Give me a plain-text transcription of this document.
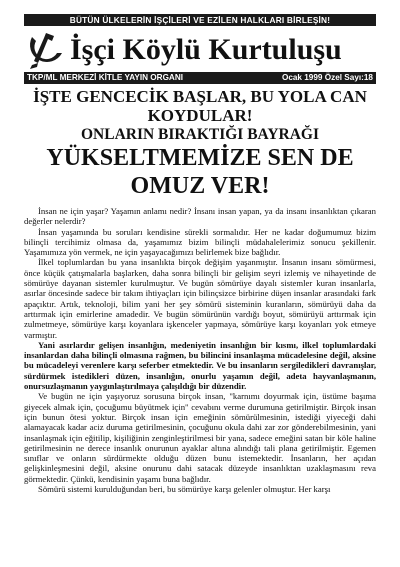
BÜTÜN ÜLKELERİN İŞÇİLERİ VE EZİLEN HALKLARI BİRLEŞİN!
İşçi Köylü Kurtuluşu
TKP/ML MERKEZİ KİTLE YAYIN ORGANI	Ocak 1999 Özel Sayı:18
İŞTE GENCECİK BAŞLAR, BU YOLA CAN
KOYDULAR!
ONLARIN BIRAKTIĞI BAYRAĞI
YÜKSELTMEMİZE SEN DE
OMUZ VER!

İnsan ne için yaşar? Yaşamın anlamı nedir? İnsanı insan yapan, ya da insanı insanlıktan çıkaran değerler nelerdir?

İnsan yaşamında bu soruları kendisine sürekli sormalıdır. Her ne kadar doğumumuz bizim bilinçli tercihimiz olmasa da, yaşamımız bizim bilinçli müdahalelerimiz sonucu şekillenir. Yaşamımıza yön vermek, ne için yaşayacağımızı belirlemek bize bağlıdır.

İlkel toplumlardan bu yana insanlıkta birçok değişim yaşanmıştır. İnsanın insanı sömürmesi, önce küçük çatışmalarla başlarken, daha sonra bilinçli bir gelişim seyri izlemiş ve nihayetinde de sömürüye dayanan sistemler kurulmuştur. Ve bugün sömürüye dayalı sistemler kuran insanlarla, asırlar öncesinde sadece bir takım ihtiyaçları için bilinçsizce birbirine düşen insanlar arasındaki fark apaçıktır. Artık, teknoloji, bilim yani her şey sömürü sisteminin kuranların, sömürüyü daha da arttırmak için emirlerine amadedir. Ve bugün sömürünün vardığı boyut, sömürüyü arttırmak için zulmetmeye, sömürüye karşı koyanlara işkenceler yapmaya, sömürüye karşı koyanları yok etmeye varmıştır.

Yani asırlardır gelişen insanlığın, medeniyetin insanlığın bir kısmı, ilkel toplumlardaki insanlardan daha bilinçli olmasına rağmen, bu bilincini insanlaşma mücadelesine değil, aksine bu mücadeleyi verenlere karşı seferber etmektedir. Ve bu insanların sergiledikleri davranışlar, sürdürmek istedikleri düzen, insanlığın, onurlu yaşamın değil, adeta hayvanlaşmanın, onursuzlaşmanın yaygınlaştırılmaya çalışıldığı bir düzendir.

Ve bugün ne için yaşıyoruz sorusuna birçok insan, "karnımı doyurmak için, üstüme başıma giyecek almak için, çocuğumu büyütmek için" cevabını verme durumuna getirilmiştir. Birçok insan için bunun ötesi yoktur. Birçok insan için emeğinin sömürülmesinin, istediği yiyeceği dahi alamayacak kadar aciz duruma getirilmesinin, çocuğunu okula dahi zar zor gönderebilmesinin, yani insanlaşmak için eğitilip, kişiliğinin zenginleştirilmesi bir yana, sadece emeğini satan bir köle haline getirilmesinin ne derece insanlık onurunun ayaklar altına alındığı tali plana getirilmiştir. Egemen sınıflar ve onların sürdürmekte olduğu düzen bunu istemektedir. İnsanların, her açıdan gelişkinleşmesini değil, aksine onurunu dahi satacak düzeyde insanlıktan uzaklaşmasını reva görmektedir. Çünkü, kendisinin yaşamı buna bağlıdır.

Sömürü sistemi kurulduğundan beri, bu sömürüye karşı gelenler olmuştur. Her karşı
